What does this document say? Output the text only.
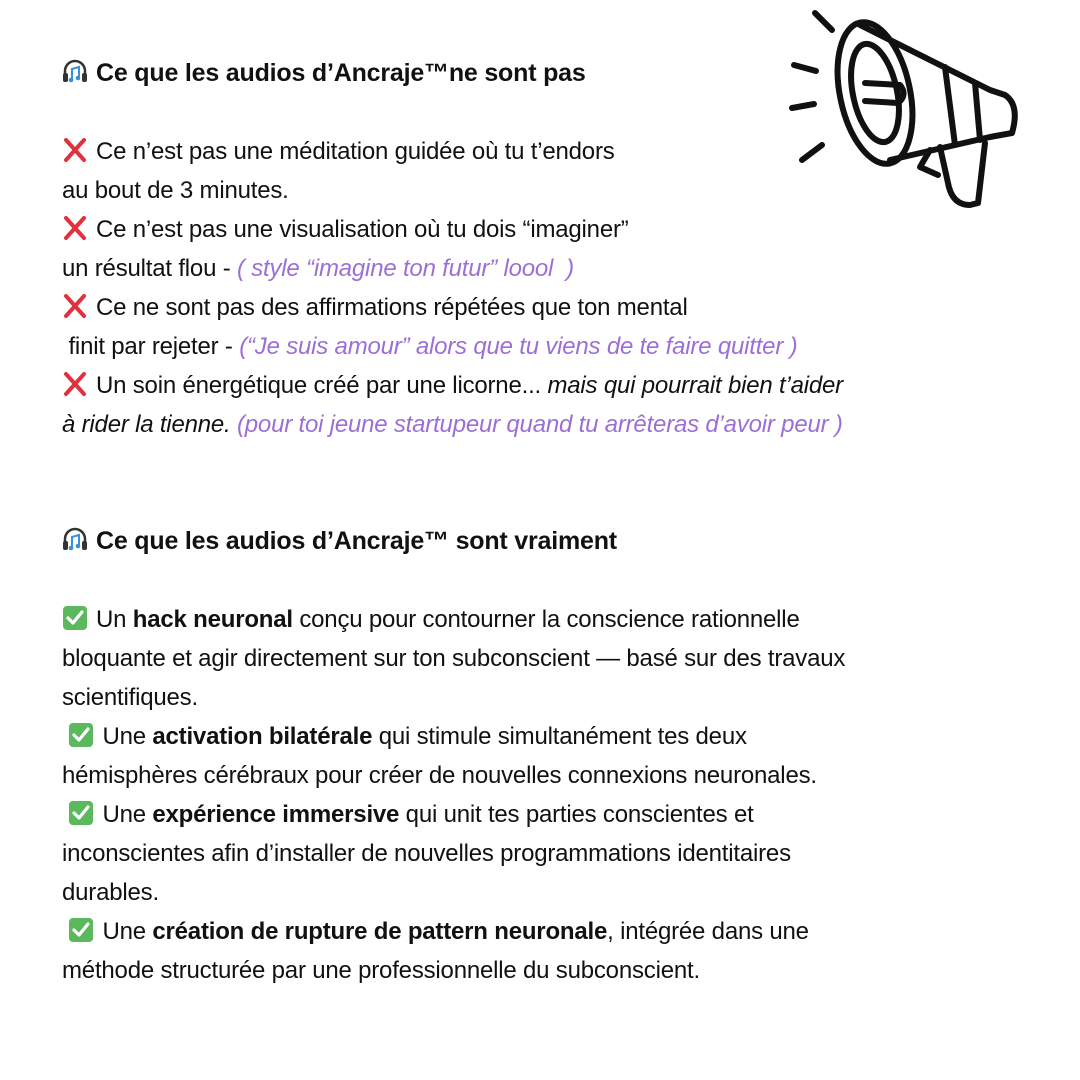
Ce que les audios d’Ancraje™ne sont pas
Ce n’est pas une méditation guidée où tu t’endors
au bout de 3 minutes.
Ce n’est pas une visualisation où tu dois “imaginer”
un résultat flou - ( style “imagine ton futur” loool  )
Ce ne sont pas des affirmations répétées que ton mental
finit par rejeter - (“Je suis amour” alors que tu viens de te faire quitter )
Un soin énergétique créé par une licorne... mais qui pourrait bien t’aider
à rider la tienne. (pour toi jeune startupeur quand tu arrêteras d’avoir peur )
Ce que les audios d’Ancraje™ sont vraiment
Un hack neuronal conçu pour contourner la conscience rationnelle
bloquante et agir directement sur ton subconscient — basé sur des travaux
scientifiques.
Une activation bilatérale qui stimule simultanément tes deux
hémisphères cérébraux pour créer de nouvelles connexions neuronales.
Une expérience immersive qui unit tes parties conscientes et
inconscientes afin d’installer de nouvelles programmations identitaires
durables.
Une création de rupture de pattern neuronale, intégrée dans une
méthode structurée par une professionnelle du subconscient.
